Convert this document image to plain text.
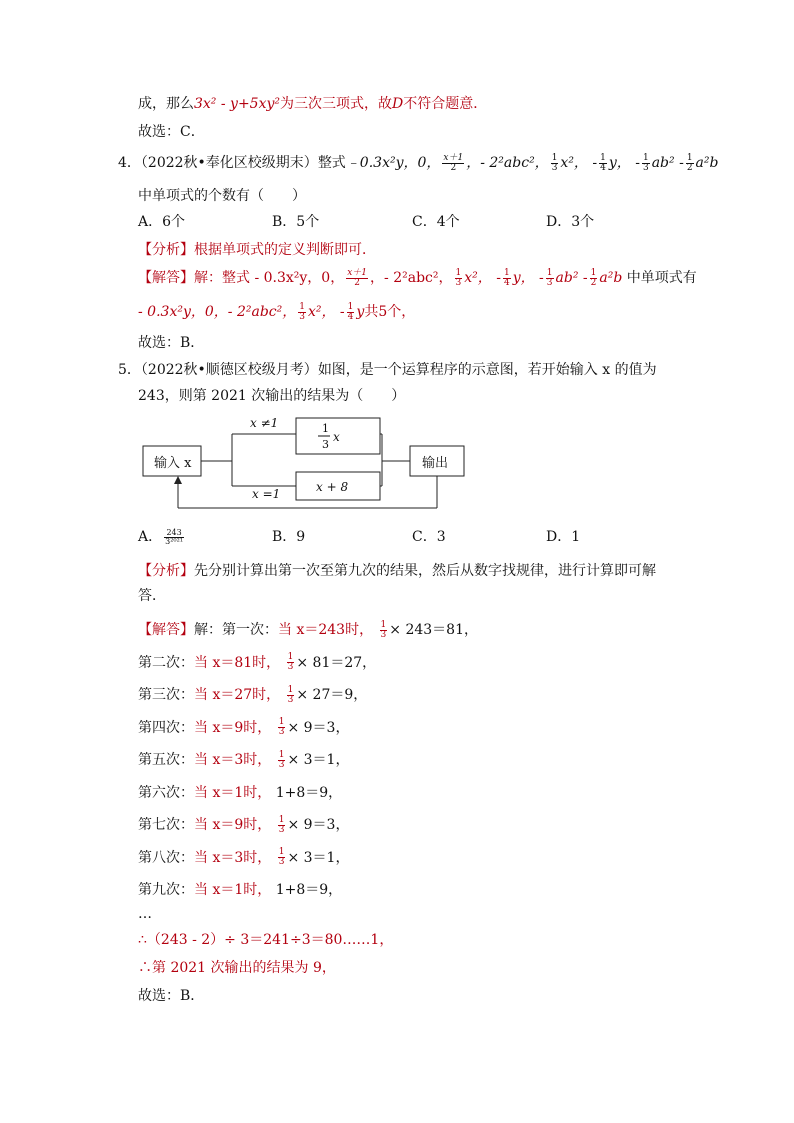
成，那么3x² - y+5xy²为三次三项式，故D不符合题意．
故选：C．
4．（2022秋•奉化区校级期末）整式﹣0.3x²y，0， $\frac{x+1}{2}$ ，- 2²abc²， $\frac{1}{3} x^2$， - $\frac{1}{4}$ y， - $\frac{1}{3} ab^2 - \frac{1}{2} a^2b$
中单项式的个数有（　　）
A．6个	B．5个	C．4个	D．3个
【分析】根据单项式的定义判断即可．
【解答】解：整式 - 0.3x²y，0， $\frac{x+1}{2}$ ，- 2²abc²， $\frac{1}{3} x^2$， - $\frac{1}{4}$ y， - $\frac{1}{3} ab^2 - \frac{1}{2} a^2b$ 中单项式有
- 0.3x²y，0，- 2²abc²， $\frac{1}{3} x^2$， - $\frac{1}{4}$ y共5个，
故选：B．
5．（2022秋•顺德区校级月考）如图，是一个运算程序的示意图，若开始输入 x 的值为
243，则第 2021 次输出的结果为（　　）
输入 x	输出
x ≠1
x =1
1
3
x
x + 8
A． $\frac{243}{\text{3²⁰²¹}}$	B．9	C．3	D．1
【分析】先分别计算出第一次至第九次的结果，然后从数字找规律，进行计算即可解
答．
【解答】解：第一次：当 x＝243时， $\frac{1}{3} \times 243=81$，
第二次：当 x＝81时， $\frac{1}{3} \times 81=27$，
第三次：当 x＝27时， $\frac{1}{3} \times 27=9$，
第四次：当 x＝9时， $\frac{1}{3} \times 9=3$，
第五次：当 x＝3时， $\frac{1}{3} \times 3=1$，
第六次：当 x＝1时， 1+8＝9，
第七次：当 x＝9时， $\frac{1}{3} \times 9=3$，
第八次：当 x＝3时， $\frac{1}{3} \times 3=1$，
第九次：当 x＝1时， 1+8＝9，
…
∴（243 - 2）÷ 3＝241÷3＝80……1，
∴第 2021 次输出的结果为 9，
故选：B．
